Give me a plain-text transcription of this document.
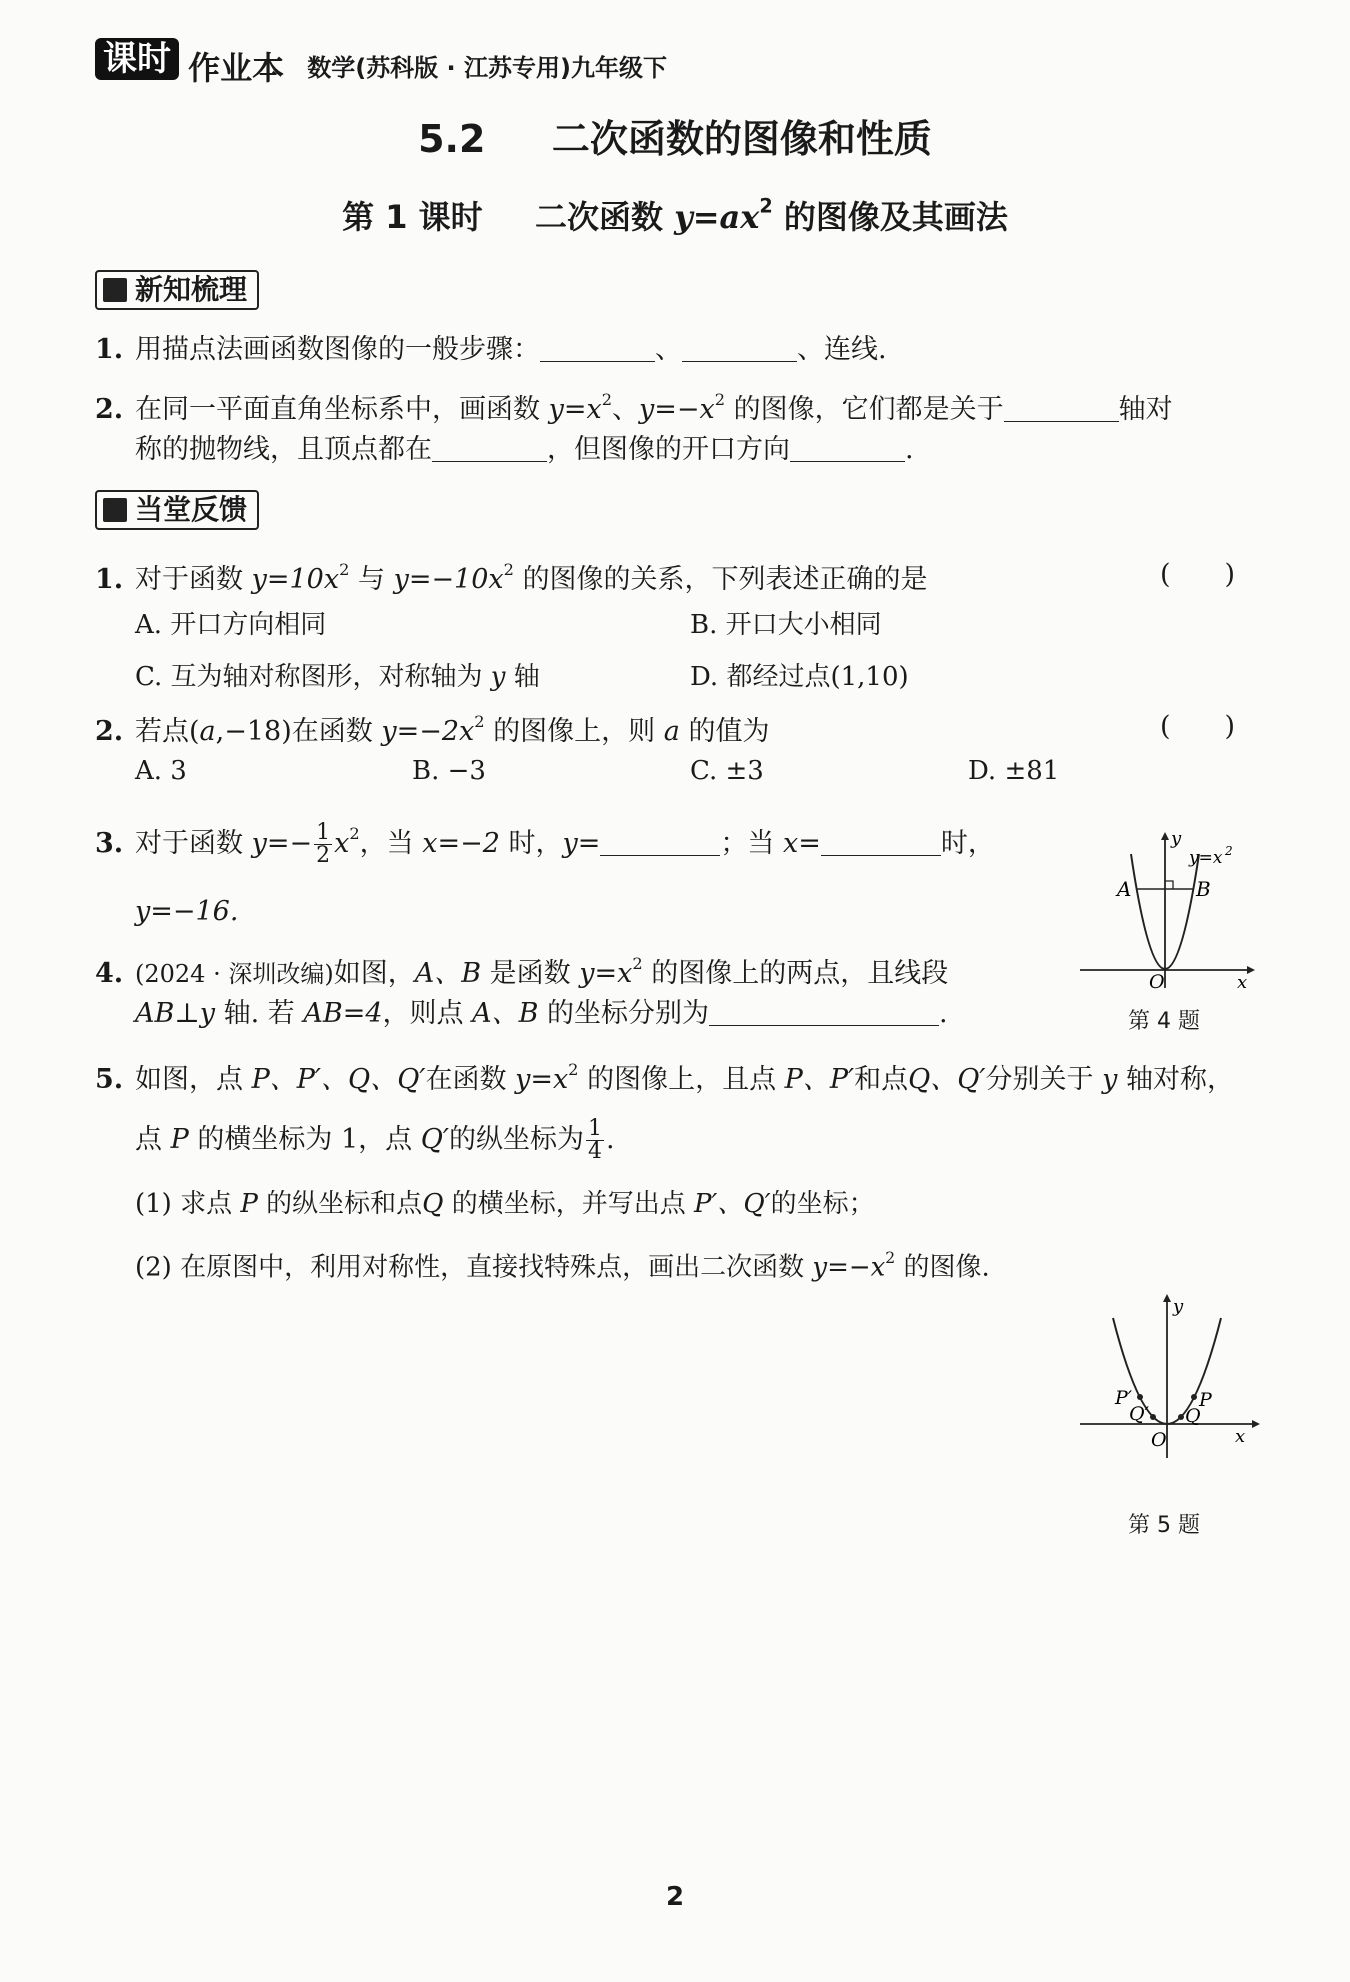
课时 作业本 数学(苏科版 · 江苏专用)九年级下
5.2 二次函数的图像和性质
第 1 课时 二次函数 $y=ax^2$ 的图像及其画法
新知梳理
1. 用描点法画函数图像的一般步骤：	、	、连线.
2. 在同一平面直角坐标系中，画函数 $y=x^2$、$y=-x^2$ 的图像，它们都是关于	轴对
称的抛物线，且顶点都在	，但图像的开口方向	.
当堂反馈
1. 对于函数 $y=10x^2$ 与 $y=-10x^2$ 的图像的关系，下列表述正确的是	(　　)
A. 开口方向相同	B. 开口大小相同
C. 互为轴对称图形，对称轴为 y 轴	D. 都经过点(1,10)
2. 若点(a,−18)在函数 $y=-2x^2$ 的图像上，则 a 的值为	(　　)
A. 3	B. −3	C. ±3	D. ±81
3. 对于函数 $y=- \frac{1}{2} x^2$，当 x=−2 时，y=	；当 x=	时，
y=−16.
4. (2024 · 深圳改编)如图，A、B 是函数 $y=x^2$ 的图像上的两点，且线段
AB⊥y 轴. 若 AB=4，则点 A、B 的坐标分别为	.
y
y=x 2
A	B
O	x
第 4 题
5. 如图，点 P、P′、Q、Q′在函数 $y=x^2$ 的图像上，且点 P、P′和点Q、Q′分别关于 y 轴对称，
点 P 的横坐标为 1，点 Q′的纵坐标为 $\frac{1}{4}$ .
(1) 求点 P 的纵坐标和点Q 的横坐标，并写出点 P′、Q′的坐标；
(2) 在原图中，利用对称性，直接找特殊点，画出二次函数 $y=-x^2$ 的图像.
y
P
P′
Q′ Q
O	x
第 5 题
2
